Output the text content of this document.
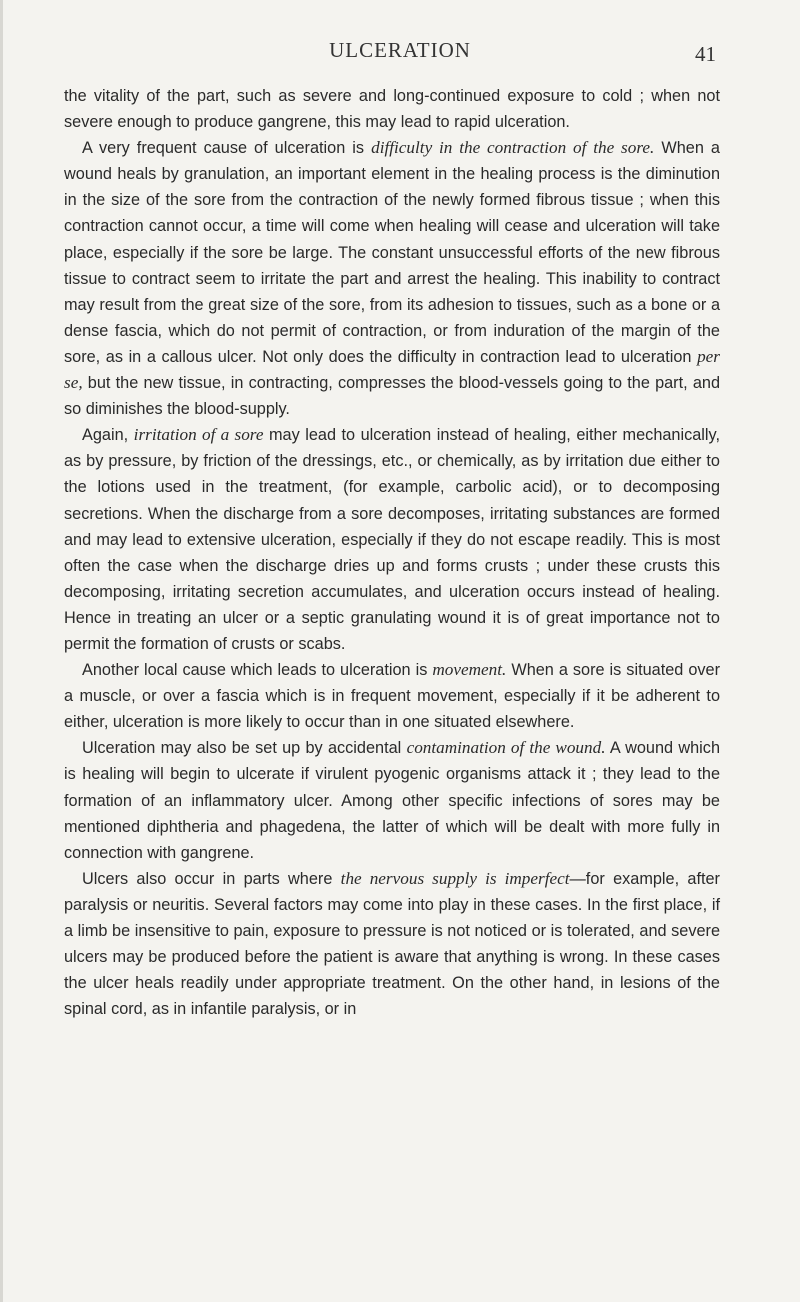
ULCERATION	41

the vitality of the part, such as severe and long-continued exposure to cold ; when not severe enough to produce gangrene, this may lead to rapid ulceration.

A very frequent cause of ulceration is difficulty in the contraction of the sore. When a wound heals by granulation, an important element in the healing process is the diminution in the size of the sore from the contraction of the newly formed fibrous tissue ; when this contraction cannot occur, a time will come when healing will cease and ulceration will take place, especially if the sore be large. The constant unsuccessful efforts of the new fibrous tissue to contract seem to irritate the part and arrest the healing. This inability to contract may result from the great size of the sore, from its adhesion to tissues, such as a bone or a dense fascia, which do not permit of contraction, or from induration of the margin of the sore, as in a callous ulcer. Not only does the difficulty in contraction lead to ulceration per se, but the new tissue, in contracting, compresses the blood-vessels going to the part, and so diminishes the blood-supply.

Again, irritation of a sore may lead to ulceration instead of healing, either mechanically, as by pressure, by friction of the dressings, etc., or chemically, as by irritation due either to the lotions used in the treatment, (for example, carbolic acid), or to decomposing secretions. When the discharge from a sore decomposes, irritating substances are formed and may lead to extensive ulceration, especially if they do not escape readily. This is most often the case when the discharge dries up and forms crusts ; under these crusts this decomposing, irritating secretion accumulates, and ulceration occurs instead of healing. Hence in treating an ulcer or a septic granulating wound it is of great importance not to permit the formation of crusts or scabs.

Another local cause which leads to ulceration is movement. When a sore is situated over a muscle, or over a fascia which is in frequent movement, especially if it be adherent to either, ulceration is more likely to occur than in one situated elsewhere.

Ulceration may also be set up by accidental contamination of the wound. A wound which is healing will begin to ulcerate if virulent pyogenic organisms attack it ; they lead to the formation of an inflammatory ulcer. Among other specific infections of sores may be mentioned diphtheria and phagedena, the latter of which will be dealt with more fully in connection with gangrene.

Ulcers also occur in parts where the nervous supply is imperfect—for example, after paralysis or neuritis. Several factors may come into play in these cases. In the first place, if a limb be insensitive to pain, exposure to pressure is not noticed or is tolerated, and severe ulcers may be produced before the patient is aware that anything is wrong. In these cases the ulcer heals readily under appropriate treatment. On the other hand, in lesions of the spinal cord, as in infantile paralysis, or in
